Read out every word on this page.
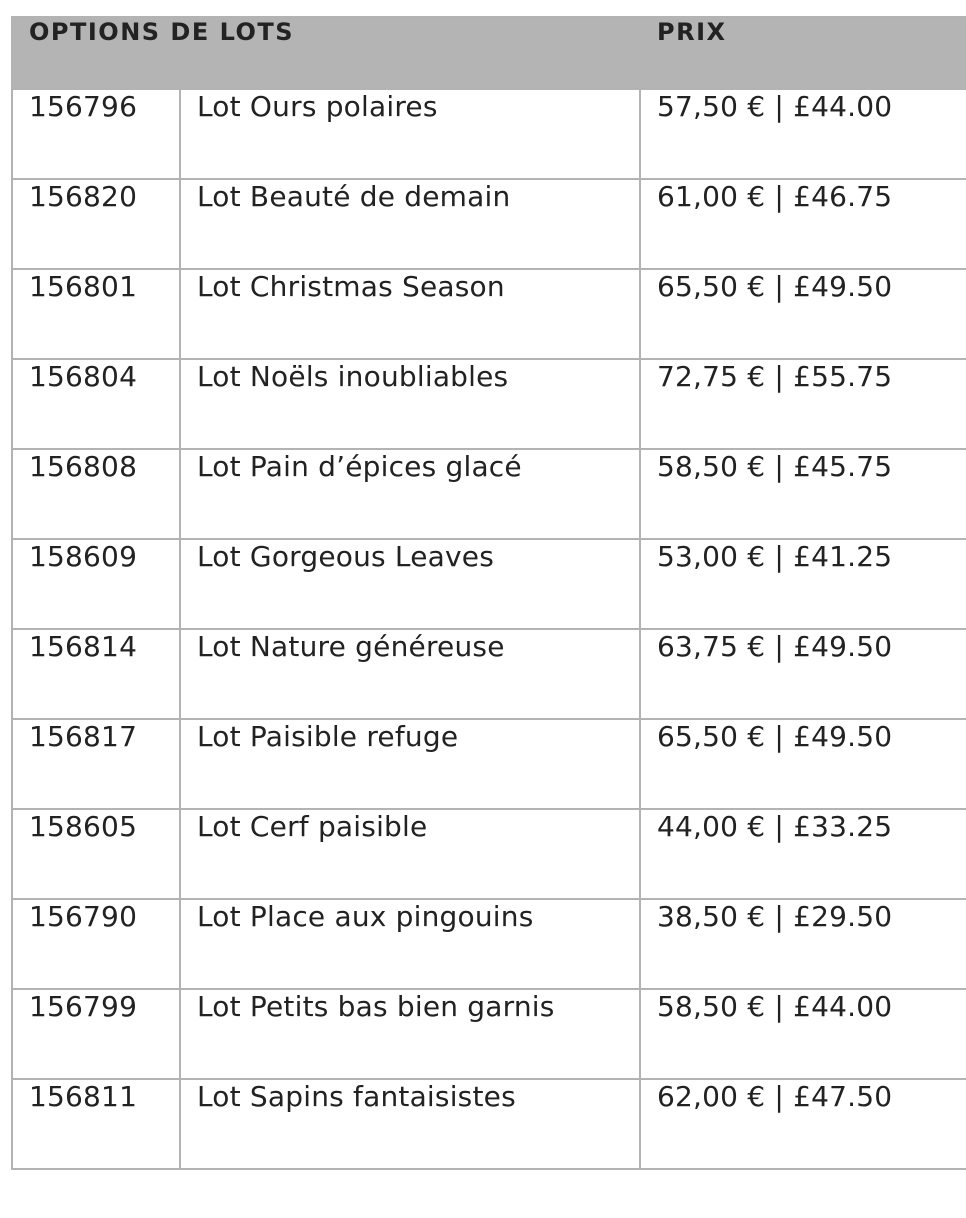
OPTIONS DE LOTS		PRIX
156796	Lot Ours polaires	57,50 € | £44.00
156820	Lot Beauté de demain	61,00 € | £46.75
156801	Lot Christmas Season	65,50 € | £49.50
156804	Lot Noëls inoubliables	72,75 € | £55.75
156808	Lot Pain d’épices glacé	58,50 € | £45.75
158609	Lot Gorgeous Leaves	53,00 € | £41.25
156814	Lot Nature généreuse	63,75 € | £49.50
156817	Lot Paisible refuge	65,50 € | £49.50
158605	Lot Cerf paisible	44,00 € | £33.25
156790	Lot Place aux pingouins	38,50 € | £29.50
156799	Lot Petits bas bien garnis	58,50 € | £44.00
156811	Lot Sapins fantaisistes	62,00 € | £47.50
